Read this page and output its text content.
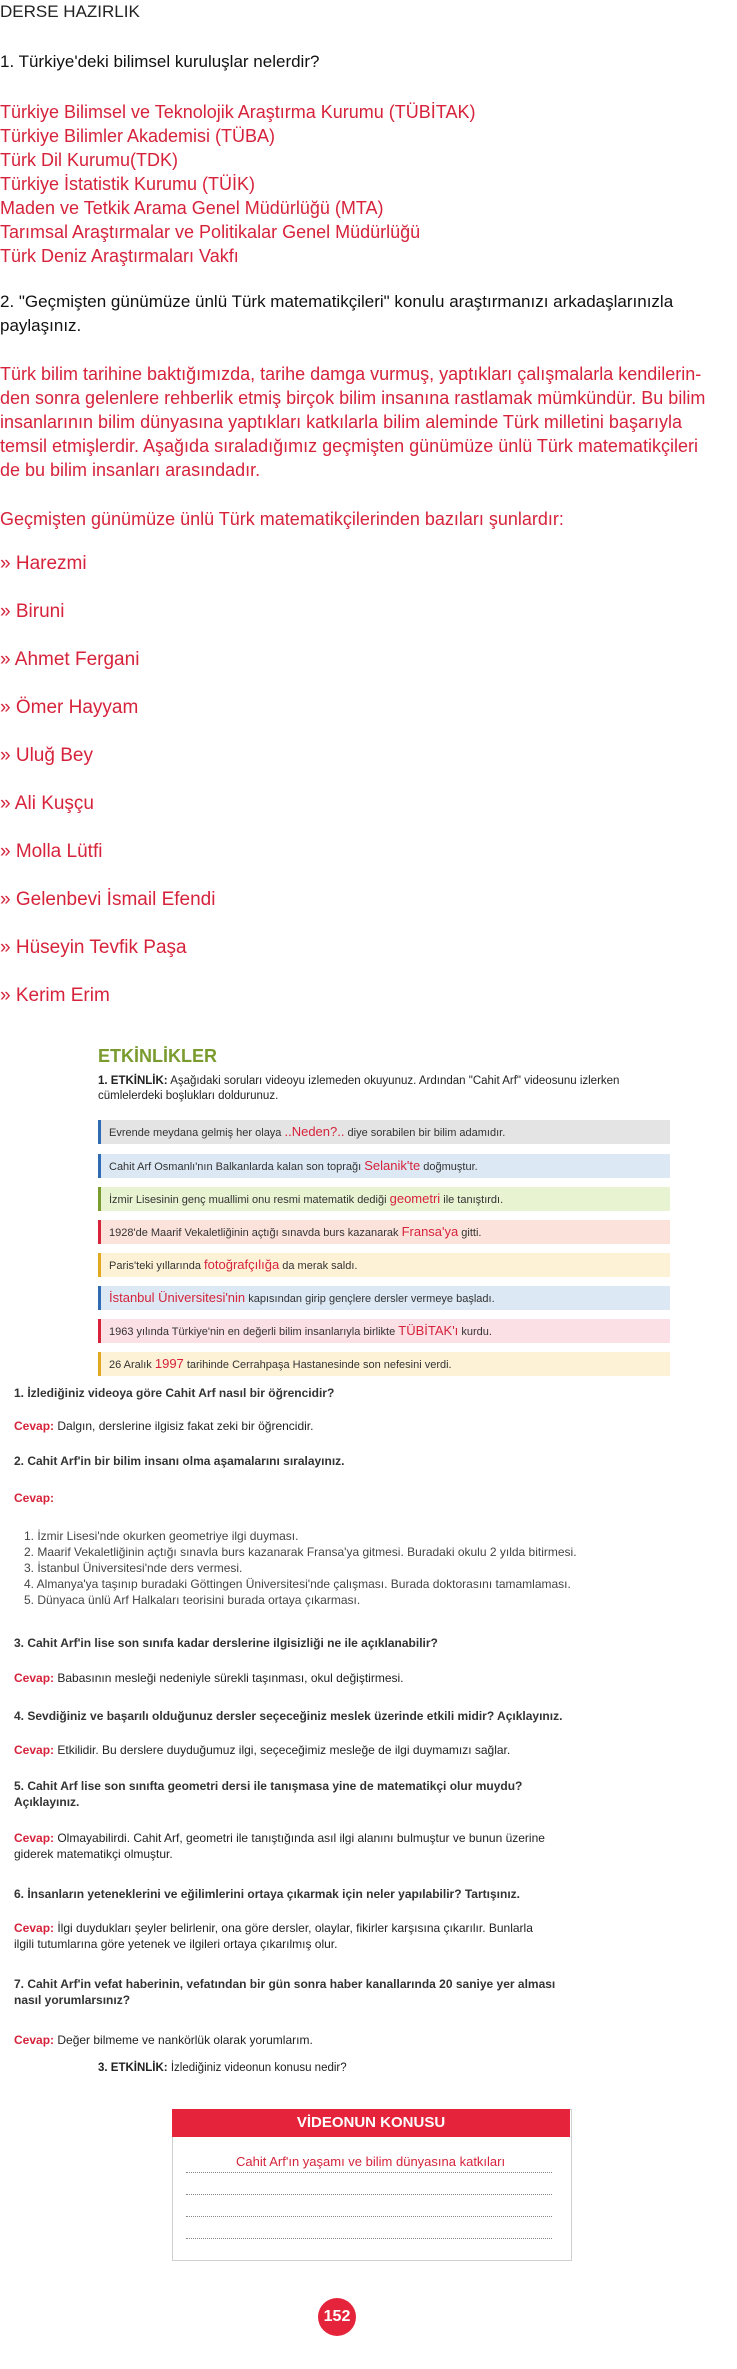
DERSE HAZIRLIK
1. Türkiye'deki bilimsel kuruluşlar nelerdir?
Türkiye Bilimsel ve Teknolojik Araştırma Kurumu (TÜBİTAK)
Türkiye Bilimler Akademisi (TÜBA)
Türk Dil Kurumu(TDK)
Türkiye İstatistik Kurumu (TÜİK)
Maden ve Tetkik Arama Genel Müdürlüğü (MTA)
Tarımsal Araştırmalar ve Politikalar Genel Müdürlüğü
Türk Deniz Araştırmaları Vakfı
2. "Geçmişten günümüze ünlü Türk matematikçileri" konulu araştırmanızı arkadaşlarınızla
paylaşınız.
Türk bilim tarihine baktığımızda, tarihe damga vurmuş, yaptıkları çalışmalarla kendilerin-
den sonra gelenlere rehberlik etmiş birçok bilim insanına rastlamak mümkündür. Bu bilim
insanlarının bilim dünyasına yaptıkları katkılarla bilim aleminde Türk milletini başarıyla
temsil etmişlerdir. Aşağıda sıraladığımız geçmişten günümüze ünlü Türk matematikçileri
de bu bilim insanları arasındadır.
Geçmişten günümüze ünlü Türk matematikçilerinden bazıları şunlardır:
» Harezmi
» Biruni
» Ahmet Fergani
» Ömer Hayyam
» Uluğ Bey
» Ali Kuşçu
» Molla Lütfi
» Gelenbevi İsmail Efendi
» Hüseyin Tevfik Paşa
» Kerim Erim
ETKİNLİKLER
1. ETKİNLİK: Aşağıdaki soruları videoyu izlemeden okuyunuz. Ardından "Cahit Arf" videosunu izlerken cümlelerdeki boşlukları doldurunuz.
Evrende meydana gelmiş her olaya ..Neden?.. diye sorabilen bir bilim adamıdır.
Cahit Arf Osmanlı'nın Balkanlarda kalan son toprağı Selanik'te doğmuştur.
İzmir Lisesinin genç muallimi onu resmi matematik dediği geometri ile tanıştırdı.
1928'de Maarif Vekaletliğinin açtığı sınavda burs kazanarak Fransa'ya gitti.
Paris'teki yıllarında fotoğrafçılığa da merak saldı.
İstanbul Üniversitesi'nin kapısından girip gençlere dersler vermeye başladı.
1963 yılında Türkiye'nin en değerli bilim insanlarıyla birlikte TÜBİTAK'ı kurdu.
26 Aralık 1997 tarihinde Cerrahpaşa Hastanesinde son nefesini verdi.
1. İzlediğiniz videoya göre Cahit Arf nasıl bir öğrencidir?
Cevap: Dalgın, derslerine ilgisiz fakat zeki bir öğrencidir.
2. Cahit Arf'in bir bilim insanı olma aşamalarını sıralayınız.
Cevap:
1. İzmir Lisesi'nde okurken geometriye ilgi duyması.
2. Maarif Vekaletliğinin açtığı sınavla burs kazanarak Fransa'ya gitmesi. Buradaki okulu 2 yılda bitirmesi.
3. İstanbul Üniversitesi'nde ders vermesi.
4. Almanya'ya taşınıp buradaki Göttingen Üniversitesi'nde çalışması. Burada doktorasını tamamlaması.
5. Dünyaca ünlü Arf Halkaları teorisini burada ortaya çıkarması.
3. Cahit Arf'in lise son sınıfa kadar derslerine ilgisizliği ne ile açıklanabilir?
Cevap: Babasının mesleği nedeniyle sürekli taşınması, okul değiştirmesi.
4. Sevdiğiniz ve başarılı olduğunuz dersler seçeceğiniz meslek üzerinde etkili midir? Açıklayınız.
Cevap: Etkilidir. Bu derslere duyduğumuz ilgi, seçeceğimiz mesleğe de ilgi duymamızı sağlar.
5. Cahit Arf lise son sınıfta geometri dersi ile tanışmasa yine de matematikçi olur muydu?
Açıklayınız.
Cevap: Olmayabilirdi. Cahit Arf, geometri ile tanıştığında asıl ilgi alanını bulmuştur ve bunun üzerine
giderek matematikçi olmuştur.
6. İnsanların yeteneklerini ve eğilimlerini ortaya çıkarmak için neler yapılabilir? Tartışınız.
Cevap: İlgi duydukları şeyler belirlenir, ona göre dersler, olaylar, fikirler karşısına çıkarılır. Bunlarla
ilgili tutumlarına göre yetenek ve ilgileri ortaya çıkarılmış olur.
7. Cahit Arf'in vefat haberinin, vefatından bir gün sonra haber kanallarında 20 saniye yer alması
nasıl yorumlarsınız?
Cevap: Değer bilmeme ve nankörlük olarak yorumlarım.
3. ETKİNLİK: İzlediğiniz videonun konusu nedir?
VİDEONUN KONUSU
Cahit Arf'ın yaşamı ve bilim dünyasına katkıları
152
